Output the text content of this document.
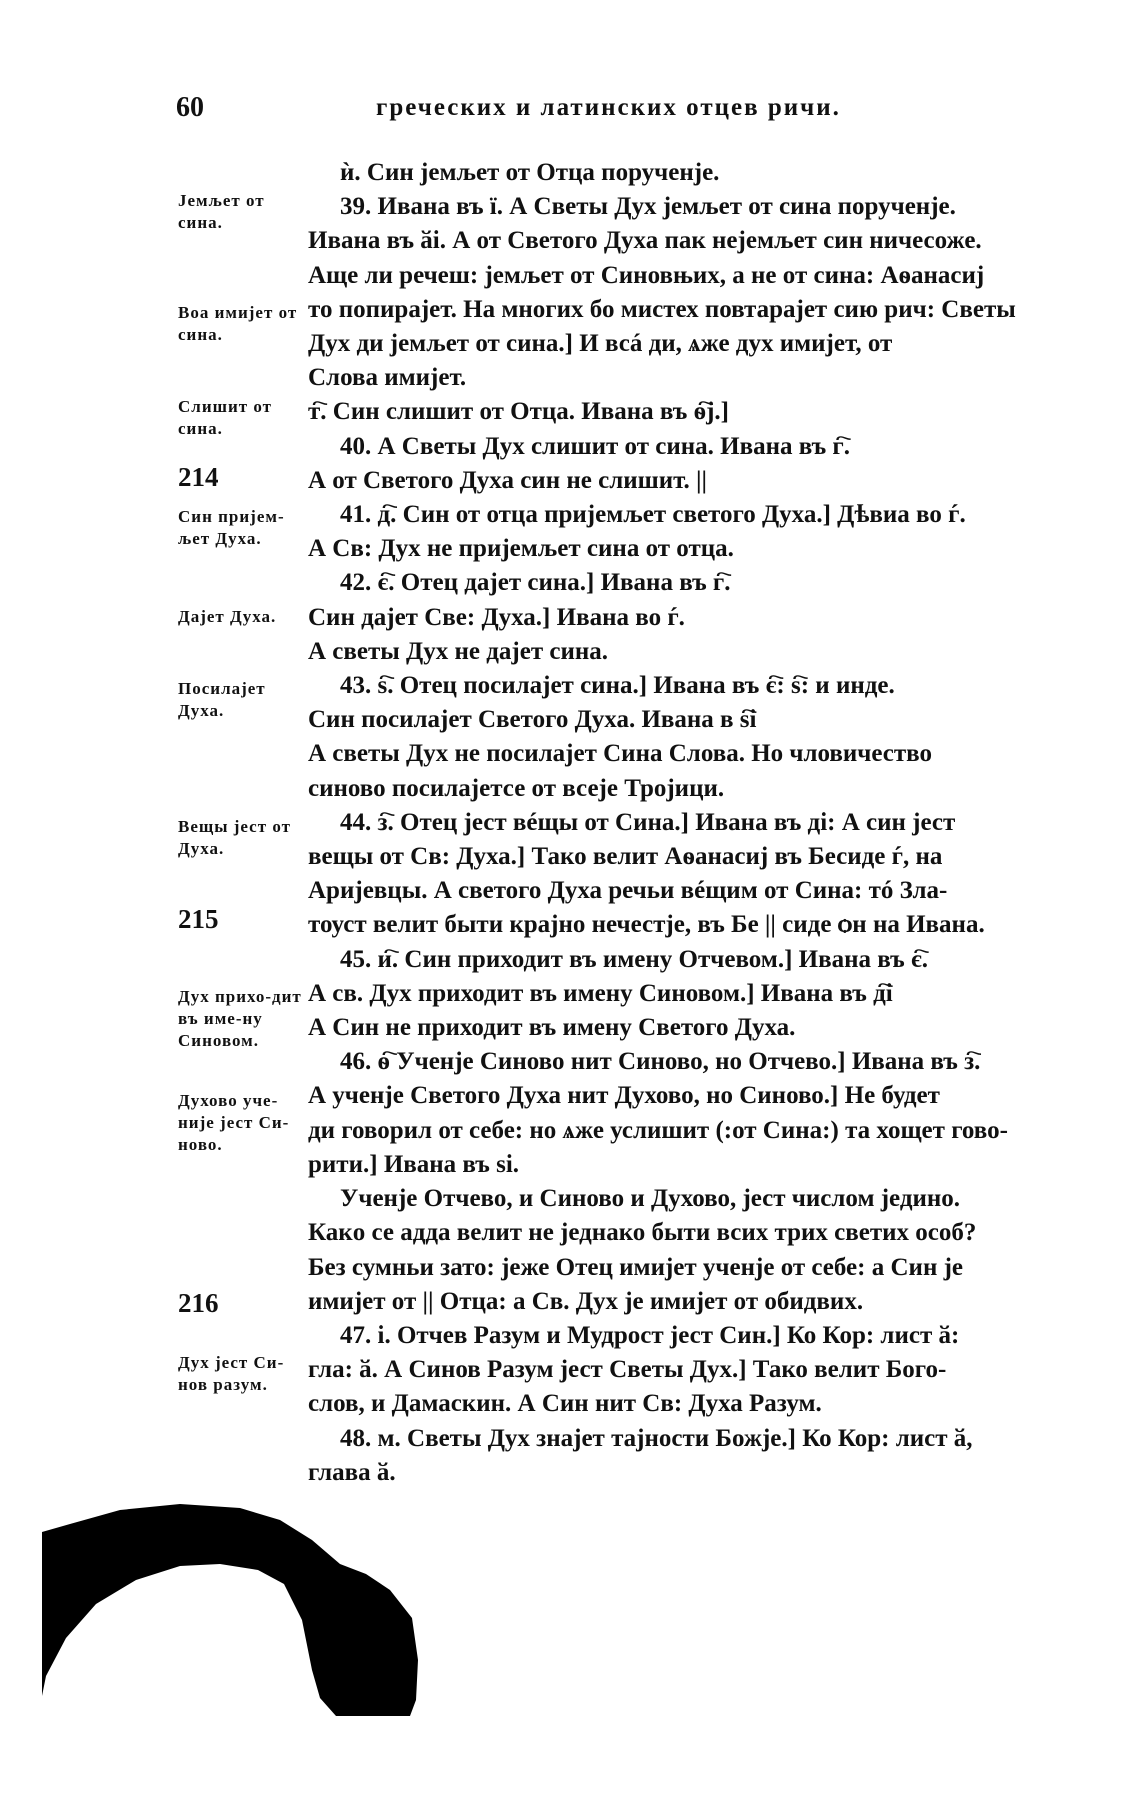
60	греческих и латинских отцев ричи.
Јемљет от сина.
Воа имијет от сина.
Слишит от сина.
Син пријем-љет Духа.
Дајет Духа.
Посилајет Духа.
Вещы јест от Духа.
Дух прихо-дит въ име-ну Синовом.
Духово уче-није јест Си-ново.
Дух јест Си-нов разум.
214
215
216

ѝ. Син јемљет от Отца порученје.

39. Ивана въ ї. А Светы Дух јемљет от сина порученје.

Ивана въ ӑі. А от Светого Духа пак нејемљет син ничесоже.

Аще ли речеш: јемљет от Синовњих, а не от сина: Аѳанасиј

то попирајет. На многих бо мистех повтарајет сию рич: Светы

Дух ди јемљет от сина.] И всá ди, ѧже дух имијет, от

Слова имијет.

т҇. Син слишит от Отца. Ивана въ ѳ҇ј.]

40. А Светы Дух слишит от сина. Ивана въ г҇.

А от Светого Духа син не слишит. ||

41. д҇. Син от отца пријемљет светого Духа.] Дѣвиа во ѓ.

А Св: Дух не пријемљет сина от отца.

42. є҇. Отец дајет сина.] Ивана въ г҇.

Син дајет Све: Духа.] Ивана во ѓ.

А светы Дух не дајет сина.

43. ѕ҇. Отец посилајет сина.] Ивана въ є҇: ѕ҇: и инде.

Син посилајет Светого Духа. Ивана в ѕ҇і

А светы Дух не посилајет Сина Слова. Но чловичество

синово посилајетсе от всеје Тројици.

44. з҇. Отец јест вéщы от Сина.] Ивана въ ді: А син јест

вещы от Св: Духа.] Тако велит Аѳанасиј въ Бесиде ѓ, на

Аријевцы. А светого Духа речьи вéщим от Сина: тó Зла-

тоуст велит быти крајно нечестје, въ Бе || сиде ѻн на Ивана.

45. и҇. Син приходит въ имену Отчевом.] Ивана въ є҇.

А св. Дух приходит въ имену Синовом.] Ивана въ д҇і

А Син не приходит въ имену Светого Духа.

46. ѳ҇ Ученје Синово нит Синово, но Отчево.] Ивана въ з҇.

А ученје Светого Духа нит Духово, но Синово.] Не будет

ди говорил от себе: но ѧже услишит (:от Сина:) та хощет гово-

рити.] Ивана въ ѕі.

Ученје Отчево, и Синово и Духово, јест числом једино.

Какo се адда велит не једнако быти всих трих светих особ?

Без сумньи зато: јеже Отец имијет ученје от себе: а Син је

имијет от || Отца: а Св. Дух је имијет от обидвих.

47. і. Отчев Разум и Мудрост јест Син.] Ко Кор: лист ӑ:

гла: ӑ. А Синов Разум јест Светы Дух.] Тако велит Бого-

слов, и Дамаскин. А Син нит Св: Духа Разум.

48. м. Светы Дух знајет тајности Божје.] Ко Кор: лист ӑ,

глава ӑ.
